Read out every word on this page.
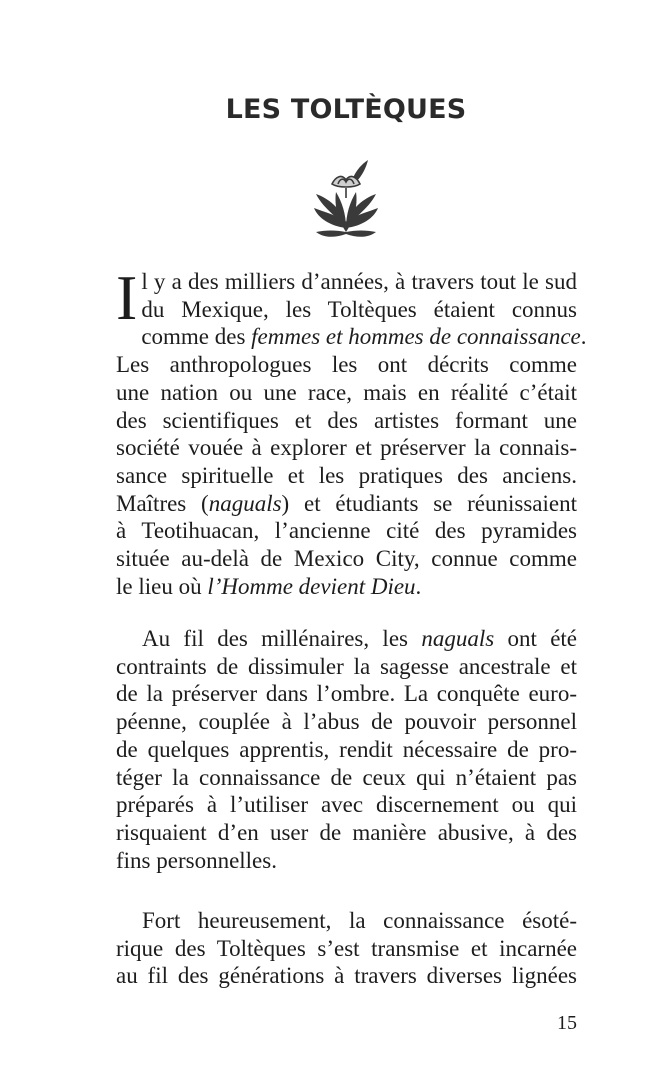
LES TOLTÈQUES
I l y a des milliers d’années, à travers tout le sud
du Mexique, les Toltèques étaient connus
comme des femmes et hommes de connaissance.
Les anthropologues les ont décrits comme
une nation ou une race, mais en réalité c’était
des scientifiques et des artistes formant une
société vouée à explorer et préserver la connais-
sance spirituelle et les pratiques des anciens.
Maîtres (naguals) et étudiants se réunissaient
à Teotihuacan, l’ancienne cité des pyramides
située au-delà de Mexico City, connue comme
le lieu où l’Homme devient Dieu.
Au fil des millénaires, les naguals ont été
contraints de dissimuler la sagesse ancestrale et
de la préserver dans l’ombre. La conquête euro-
péenne, couplée à l’abus de pouvoir personnel
de quelques apprentis, rendit nécessaire de pro-
téger la connaissance de ceux qui n’étaient pas
préparés à l’utiliser avec discernement ou qui
risquaient d’en user de manière abusive, à des
fins personnelles.
Fort heureusement, la connaissance ésoté-
rique des Toltèques s’est transmise et incarnée
au fil des générations à travers diverses lignées
15
